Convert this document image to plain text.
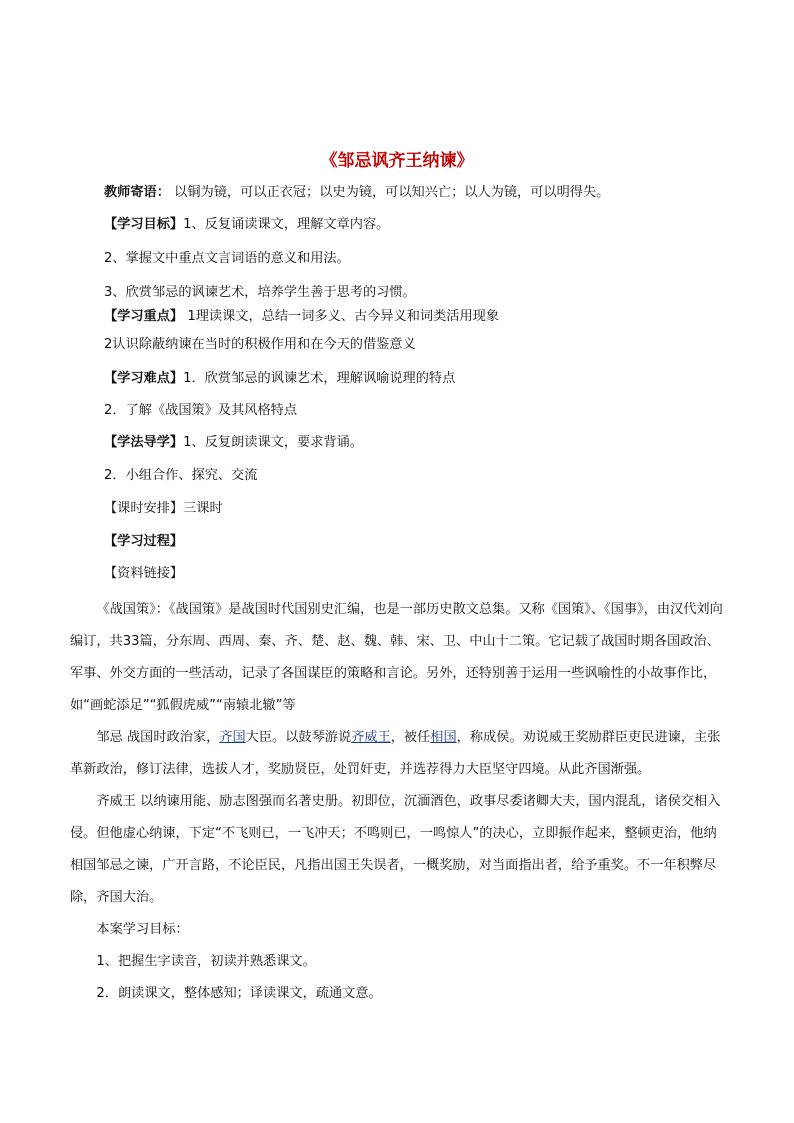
《邹忌讽齐王纳谏》
教师寄语： 以铜为镜，可以正衣冠；以史为镜，可以知兴亡；以人为镜，可以明得失。
【学习目标】1、反复诵读课文，理解文章内容。
2、掌握文中重点文言词语的意义和用法。
3、欣赏邹忌的讽谏艺术，培养学生善于思考的习惯。
【学习重点】 1理读课文，总结一词多义、古今异义和词类活用现象
2认识除蔽纳谏在当时的积极作用和在今天的借鉴意义
【学习难点】1．欣赏邹忌的讽谏艺术，理解讽喻说理的特点
2．了解《战国策》及其风格特点
【学法导学】1、反复朗读课文，要求背诵。
2．小组合作、探究、交流
【课时安排】三课时
【学习过程】
【资料链接】

《战国策》：《战国策》是战国时代国别史汇编，也是一部历史散文总集。又称《国策》、《国事》，由汉代刘向编订，共33篇，分东周、西周、秦、齐、楚、赵、魏、韩、宋、卫、中山十二策。它记载了战国时期各国政治、军事、外交方面的一些活动，记录了各国谋臣的策略和言论。另外，还特别善于运用一些讽喻性的小故事作比，如“画蛇添足”“狐假虎威”“南辕北辙”等

邹忌 战国时政治家，齐国大臣。以鼓琴游说齐威王，被任相国，称成侯。劝说威王奖励群臣吏民进谏，主张革新政治，修订法律，选拔人才，奖励贤臣，处罚奸吏，并选荐得力大臣坚守四境。从此齐国渐强。

齐威王 以纳谏用能、励志图强而名著史册。初即位，沉湎酒色，政事尽委诸卿大夫，国内混乱，诸侯交相入侵。但他虚心纳谏，下定“不飞则已，一飞冲天；不鸣则已，一鸣惊人”的决心，立即振作起来，整顿吏治，他纳相国邹忌之谏，广开言路，不论臣民，凡指出国王失误者，一概奖励，对当面指出者，给予重奖。不一年积弊尽除，齐国大治。

本案学习目标：

1、把握生字读音，初读并熟悉课文。

2．朗读课文，整体感知；译读课文，疏通文意。
